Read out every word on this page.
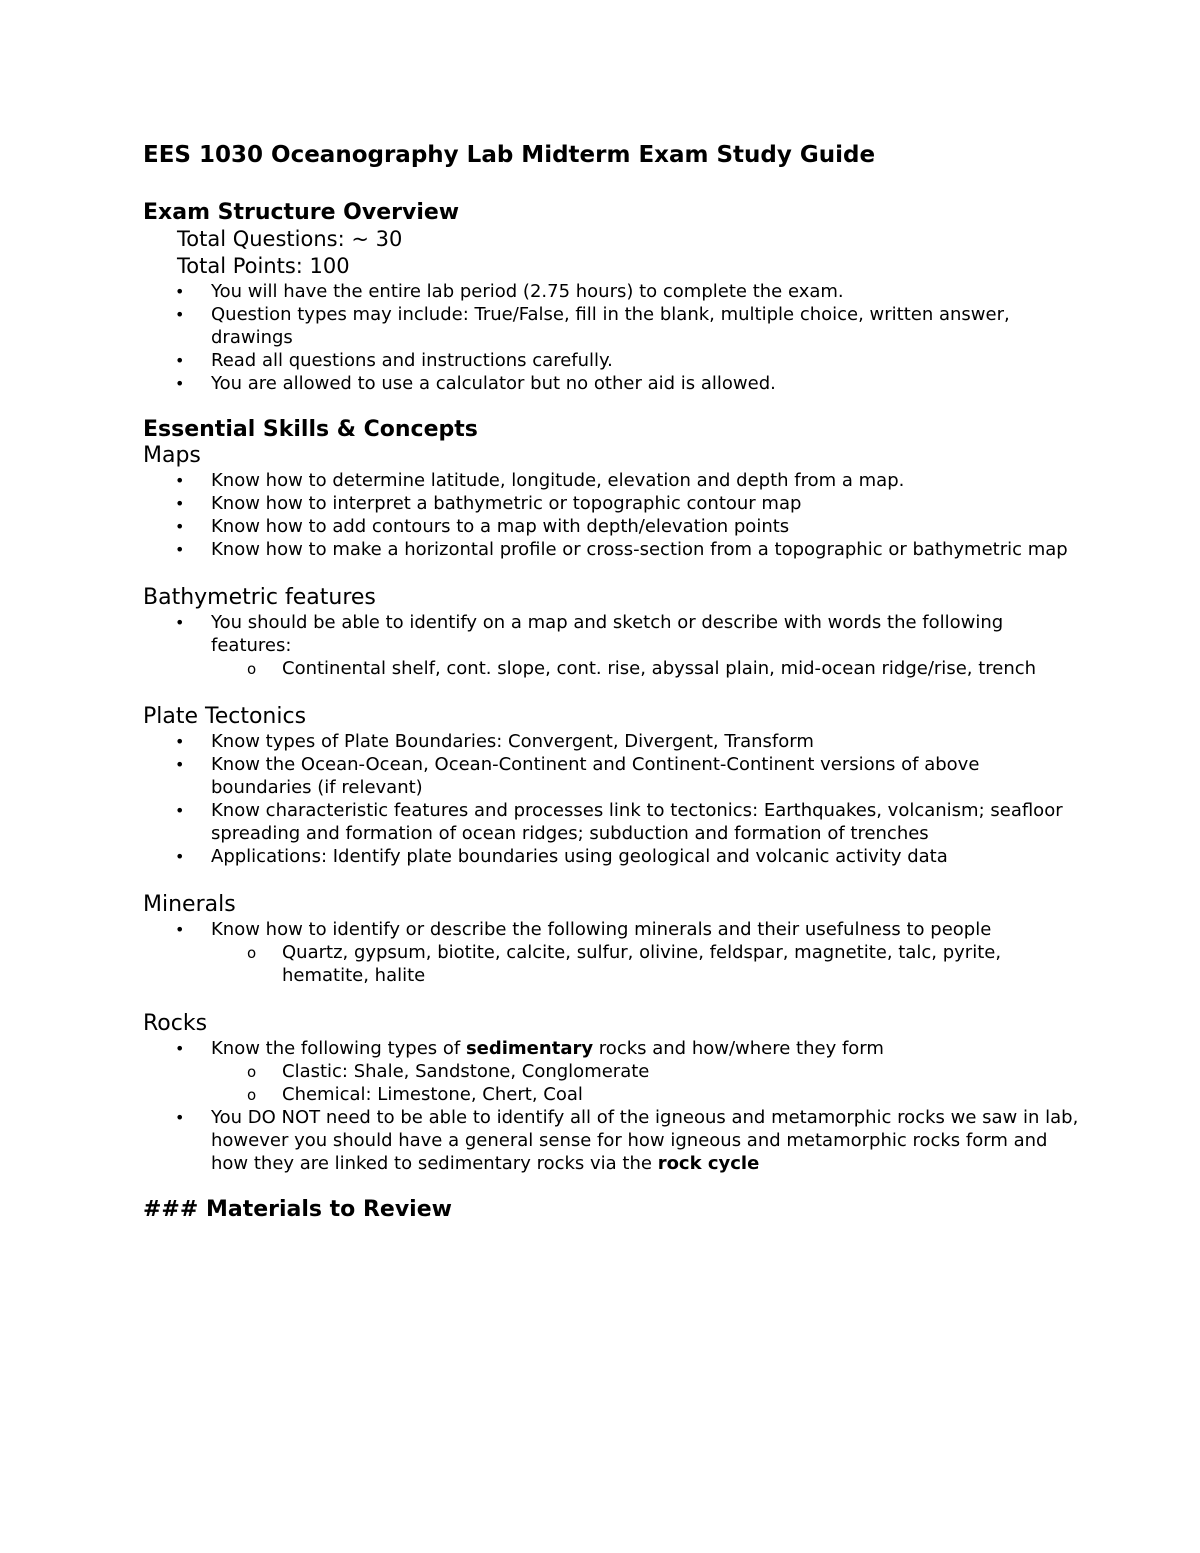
EES 1030 Oceanography Lab Midterm Exam Study Guide
Exam Structure Overview
Total Questions: ~ 30
Total Points: 100
• You will have the entire lab period (2.75 hours) to complete the exam.
• Question types may include: True/False, fill in the blank, multiple choice, written answer, drawings
• Read all questions and instructions carefully.
• You are allowed to use a calculator but no other aid is allowed.
Essential Skills & Concepts
Maps
• Know how to determine latitude, longitude, elevation and depth from a map.
• Know how to interpret a bathymetric or topographic contour map
• Know how to add contours to a map with depth/elevation points
• Know how to make a horizontal profile or cross-section from a topographic or bathymetric map
Bathymetric features
• You should be able to identify on a map and sketch or describe with words the following features:
o Continental shelf, cont. slope, cont. rise, abyssal plain, mid-ocean ridge/rise, trench
Plate Tectonics
• Know types of Plate Boundaries: Convergent, Divergent, Transform
• Know the Ocean-Ocean, Ocean-Continent and Continent-Continent versions of above boundaries (if relevant)
• Know characteristic features and processes link to tectonics: Earthquakes, volcanism; seafloor spreading and formation of ocean ridges; subduction and formation of trenches
• Applications: Identify plate boundaries using geological and volcanic activity data
Minerals
• Know how to identify or describe the following minerals and their usefulness to people
o Quartz, gypsum, biotite, calcite, sulfur, olivine, feldspar, magnetite, talc, pyrite, hematite, halite
Rocks
• Know the following types of sedimentary rocks and how/where they form
o Clastic: Shale, Sandstone, Conglomerate
o Chemical: Limestone, Chert, Coal
• You DO NOT need to be able to identify all of the igneous and metamorphic rocks we saw in lab, however you should have a general sense for how igneous and metamorphic rocks form and how they are linked to sedimentary rocks via the rock cycle
### Materials to Review
